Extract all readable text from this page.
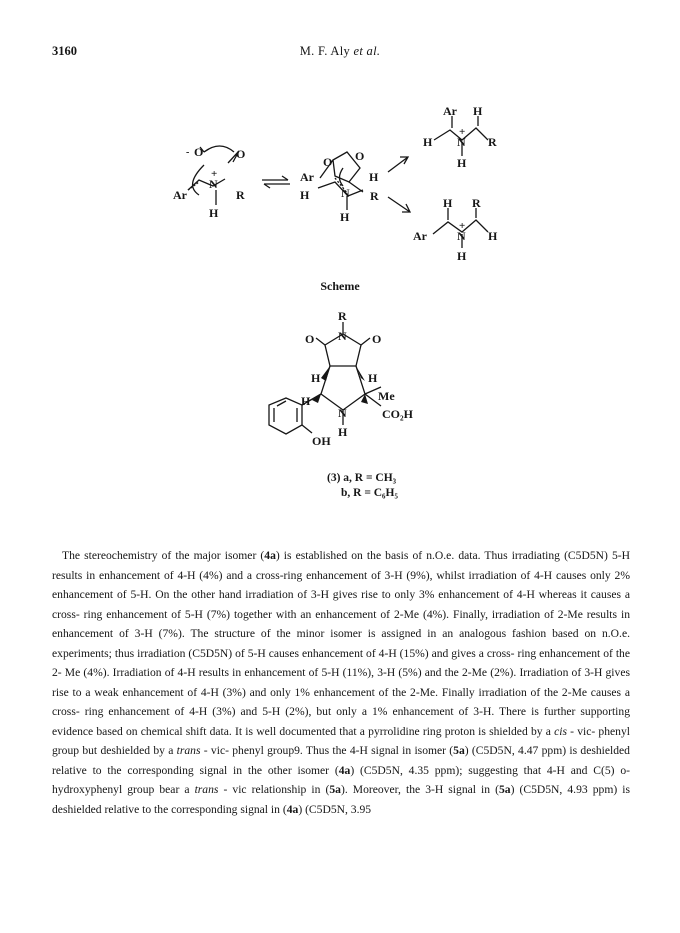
3160	M. F. Aly et al.
O
-	O
Ar
N
+
R
H
O O
Ar	H
H	N R
H
Ar H
H N
+
R
H
H R
Ar	N
+
H
H
R
N
O	O
H	H
H	Me
N	CO₂H
H
OH
(3) a, R = CH₃
b, R = C₆H₅
Scheme

The stereochemistry of the major isomer (4a) is established on the basis of n.O.e. data. Thus irradiating (C5D5N) 5-H results in enhancement of 4-H (4%) and a cross-ring enhancement of 3-H (9%), whilst irradiation of 4-H causes only 2% enhancement of 5-H. On the other hand irradiation of 3-H gives rise to only 3% enhancement of 4-H whereas it causes a cross- ring enhancement of 5-H (7%) together with an enhancement of 2-Me (4%). Finally, irradiation of 2-Me results in enhancement of 3-H (7%). The structure of the minor isomer is assigned in an analogous fashion based on n.O.e. experiments; thus irradiation (C5D5N) of 5-H causes enhancement of 4-H (15%) and gives a cross- ring enhancement of the 2- Me (4%). Irradiation of 4-H results in enhancement of 5-H (11%), 3-H (5%) and the 2-Me (2%). Irradiation of 3-H gives rise to a weak enhancement of 4-H (3%) and only 1% enhancement of the 2-Me. Finally irradiation of the 2-Me causes a cross- ring enhancement of 4-H (3%) and 5-H (2%), but only a 1% enhancement of 3-H. There is further supporting evidence based on chemical shift data. It is well documented that a pyrrolidine ring proton is shielded by a cis - vic- phenyl group but deshielded by a trans - vic- phenyl group9. Thus the 4-H signal in isomer (5a) (C5D5N, 4.47 ppm) is deshielded relative to the corresponding signal in the other isomer (4a) (C5D5N, 4.35 ppm); suggesting that 4-H and C(5) o- hydroxyphenyl group bear a trans - vic relationship in (5a). Moreover, the 3-H signal in (5a) (C5D5N, 4.93 ppm) is deshielded relative to the corresponding signal in (4a) (C5D5N, 3.95
